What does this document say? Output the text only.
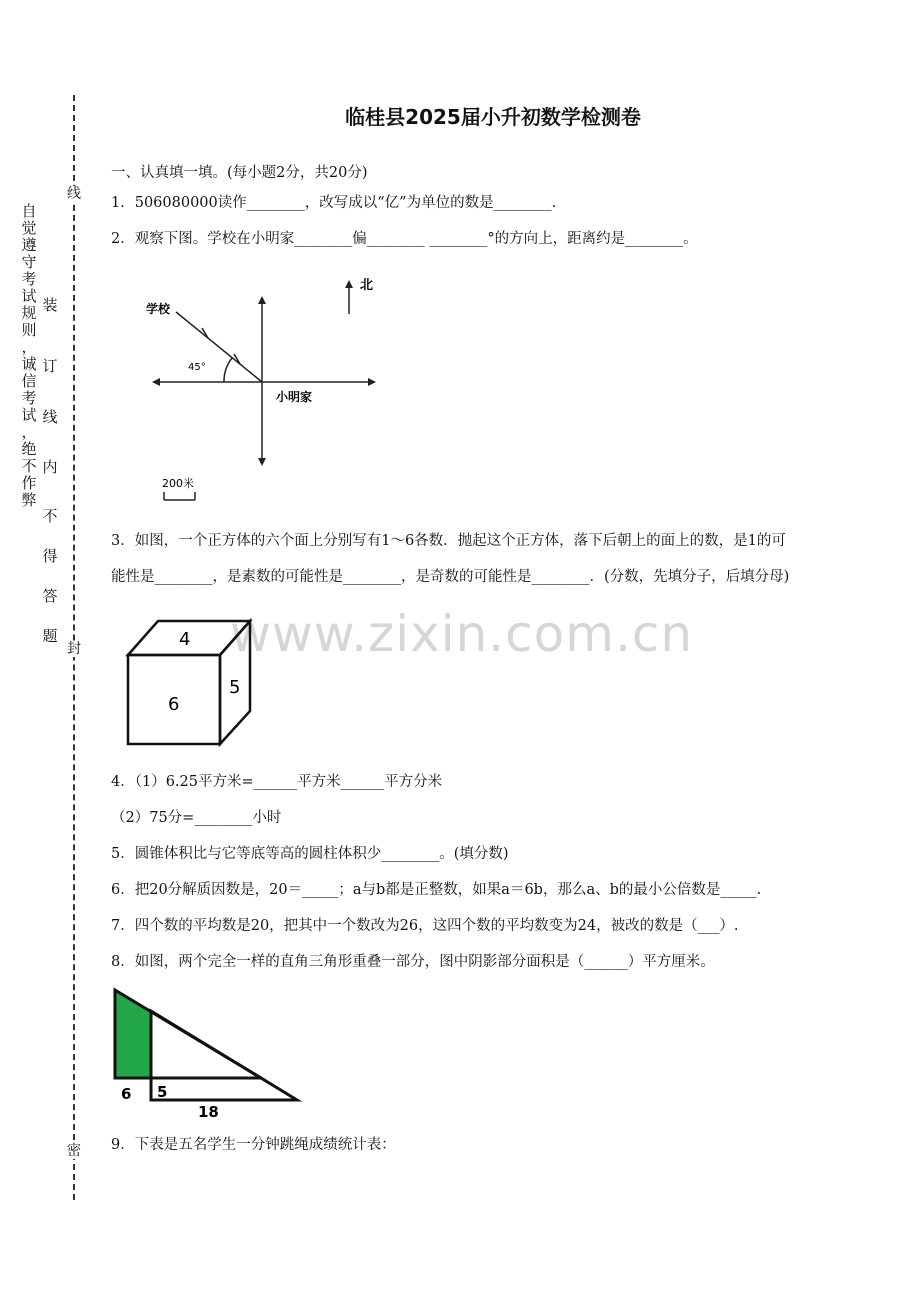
线
封
密
自
觉
遵
守
考
试
规
则
，
诚
信
考
试
，
绝
不
作
弊
装
订
线
内
不
得
答
题
临桂县2025届小升初数学检测卷
一、认真填一填。(每小题2分，共20分)
1．506080000读作________，改写成以“亿”为单位的数是________.
2．观察下图。学校在小明家________偏________ ________°的方向上，距离约是________。
北
学校
45°
小明家
200米
3．如图，一个正方体的六个面上分别写有1～6各数．抛起这个正方体，落下后朝上的面上的数，是1的可
能性是________，是素数的可能性是________，是奇数的可能性是________．(分数，先填分子，后填分母)
www.zixin.com.cn
4
6
5
4．（1）6.25平方米=______平方米______平方分米
（2）75分=________小时
5．圆锥体积比与它等底等高的圆柱体积少________。(填分数)
6．把20分解质因数是，20＝_____；a与b都是正整数，如果a＝6b，那么a、b的最小公倍数是_____.
7．四个数的平均数是20，把其中一个数改为26，这四个数的平均数变为24，被改的数是（___）.
8．如图，两个完全一样的直角三角形重叠一部分，图中阴影部分面积是（______）平方厘米。
6 5
18
9．下表是五名学生一分钟跳绳成绩统计表：
